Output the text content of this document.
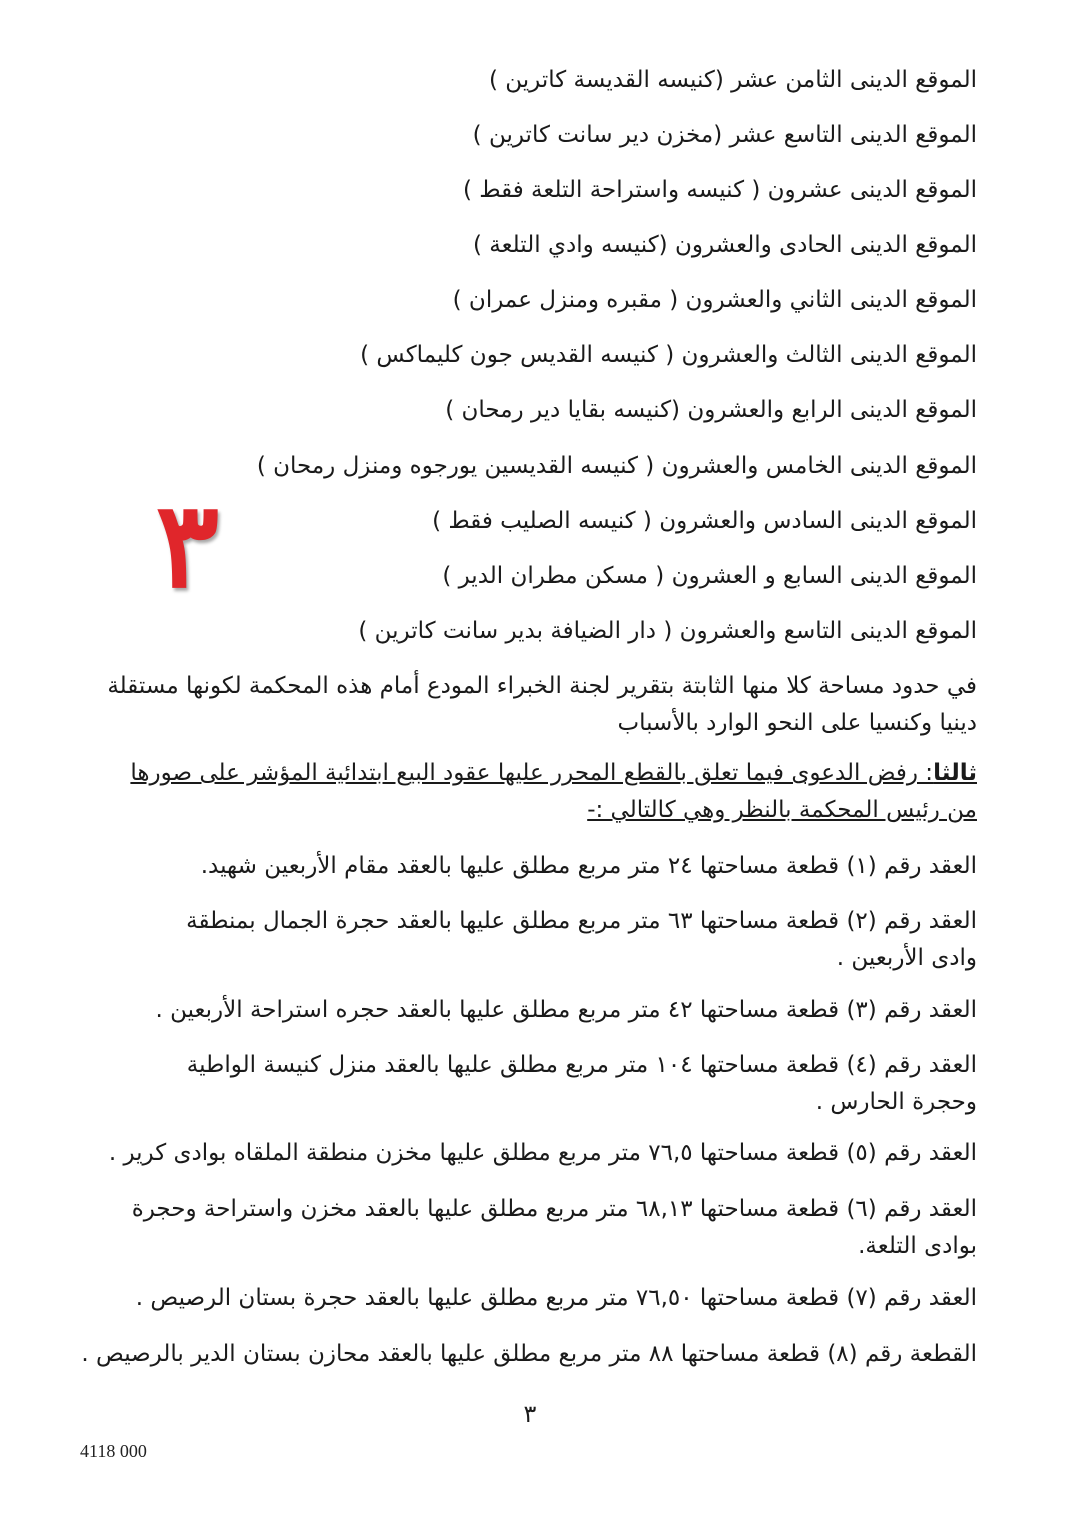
الموقع الدينى الثامن عشر (كنيسه القديسة كاترين )

الموقع الدينى التاسع عشر (مخزن دير سانت كاترين )

الموقع الدينى عشرون ( كنيسه واستراحة التلعة فقط )

الموقع الدينى الحادى والعشرون (كنيسه وادي التلعة )

الموقع الدينى الثاني والعشرون ( مقبره ومنزل عمران )

الموقع الدينى الثالث والعشرون ( كنيسه القديس جون كليماكس )

الموقع الدينى الرابع والعشرون (كنيسه بقايا دير رمحان )

الموقع الدينى الخامس والعشرون ( كنيسه القديسين يورجوه ومنزل رمحان )

الموقع الدينى السادس والعشرون ( كنيسه الصليب فقط )

الموقع الدينى السابع و العشرون ( مسكن مطران الدير )

الموقع الدينى التاسع والعشرون ( دار الضيافة بدير سانت كاترين )

٣

في حدود مساحة كلا منها الثابتة بتقرير لجنة الخبراء المودع أمام هذه المحكمة لكونها مستقلة دينيا وكنسيا على النحو الوارد بالأسباب

ثالثا: رفض الدعوى فيما تعلق بالقطع المحرر عليها عقود البيع ابتدائية المؤشر على صورها من رئيس المحكمة بالنظر وهي كالتالي :-

العقد رقم (١) قطعة مساحتها ٢٤ متر مربع مطلق عليها بالعقد مقام الأربعين شهيد.

العقد رقم (٢) قطعة مساحتها ٦٣ متر مربع مطلق عليها بالعقد حجرة الجمال بمنطقة وادى الأربعين .

العقد رقم (٣) قطعة مساحتها ٤٢ متر مربع مطلق عليها بالعقد حجره استراحة الأربعين .

العقد رقم (٤) قطعة مساحتها ١٠٤ متر مربع مطلق عليها بالعقد منزل كنيسة الواطية وحجرة الحارس .

العقد رقم (٥) قطعة مساحتها ٧٦,٥ متر مربع مطلق عليها مخزن منطقة الملقاه بوادى كرير .

العقد رقم (٦) قطعة مساحتها ٦٨,١٣ متر مربع مطلق عليها بالعقد مخزن واستراحة وحجرة بوادى التلعة.

العقد رقم (٧) قطعة مساحتها ٧٦,٥٠ متر مربع مطلق عليها بالعقد حجرة بستان الرصيص .

القطعة رقم (٨) قطعة مساحتها ٨٨ متر مربع مطلق عليها بالعقد محازن بستان الدير بالرصيص .

٣
4118 000
